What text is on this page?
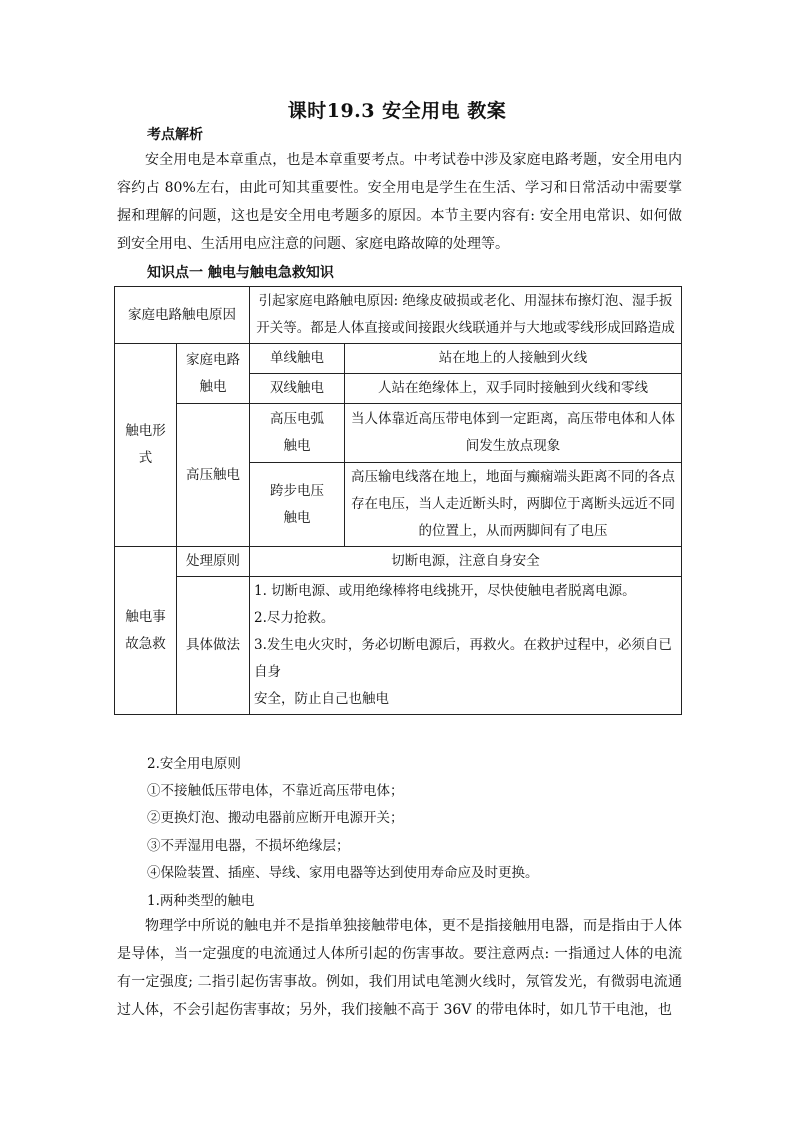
课时19.3 安全用电 教案
考点解析
安全用电是本章重点，也是本章重要考点。中考试卷中涉及家庭电路考题，安全用电内容约占 80%左右，由此可知其重要性。安全用电是学生在生活、学习和日常活动中需要掌握和理解的问题，这也是安全用电考题多的原因。本节主要内容有: 安全用电常识、如何做到安全用电、生活用电应注意的问题、家庭电路故障的处理等。
知识点一 触电与触电急救知识
家庭电路触电原因		引起家庭电路触电原因: 绝缘皮破损或老化、用湿抹布擦灯泡、湿手扳开关等。都是人体直接或间接跟火线联通并与大地或零线形成回路造成	
触电形式	家庭电路触电	单线触电	站在地上的人接触到火线
		双线触电	人站在绝缘体上，双手同时接触到火线和零线
	高压触电	高压电弧触电	当人体靠近高压带电体到一定距离，高压带电体和人体间发生放点现象
		跨步电压触电	高压输电线落在地上，地面与癫痫端头距离不同的各点存在电压，当人走近断头时，两脚位于离断头远近不同的位置上，从而两脚间有了电压
触电事故急救	处理原则	切断电源，注意自身安全	
	具体做法	1. 切断电源、或用绝缘棒将电线挑开，尽快使触电者脱离电源。
2.尽力抢救。
3.发生电火灾时，务必切断电源后，再救火。在救护过程中，必须自已自身
安全，防止自己也触电	
2.安全用电原则
①不接触低压带电体，不靠近高压带电体；
②更换灯泡、搬动电器前应断开电源开关；
③不弄湿用电器，不损坏绝缘层；
④保险装置、插座、导线、家用电器等达到使用寿命应及时更换。
1.两种类型的触电
物理学中所说的触电并不是指单独接触带电体，更不是指接触用电器，而是指由于人体是导体，当一定强度的电流通过人体所引起的伤害事故。要注意两点: 一指通过人体的电流有一定强度; 二指引起伤害事故。例如，我们用试电笔测火线时，氖管发光，有微弱电流通过人体，不会引起伤害事故；另外，我们接触不高于 36V 的带电体时，如几节干电池，也
